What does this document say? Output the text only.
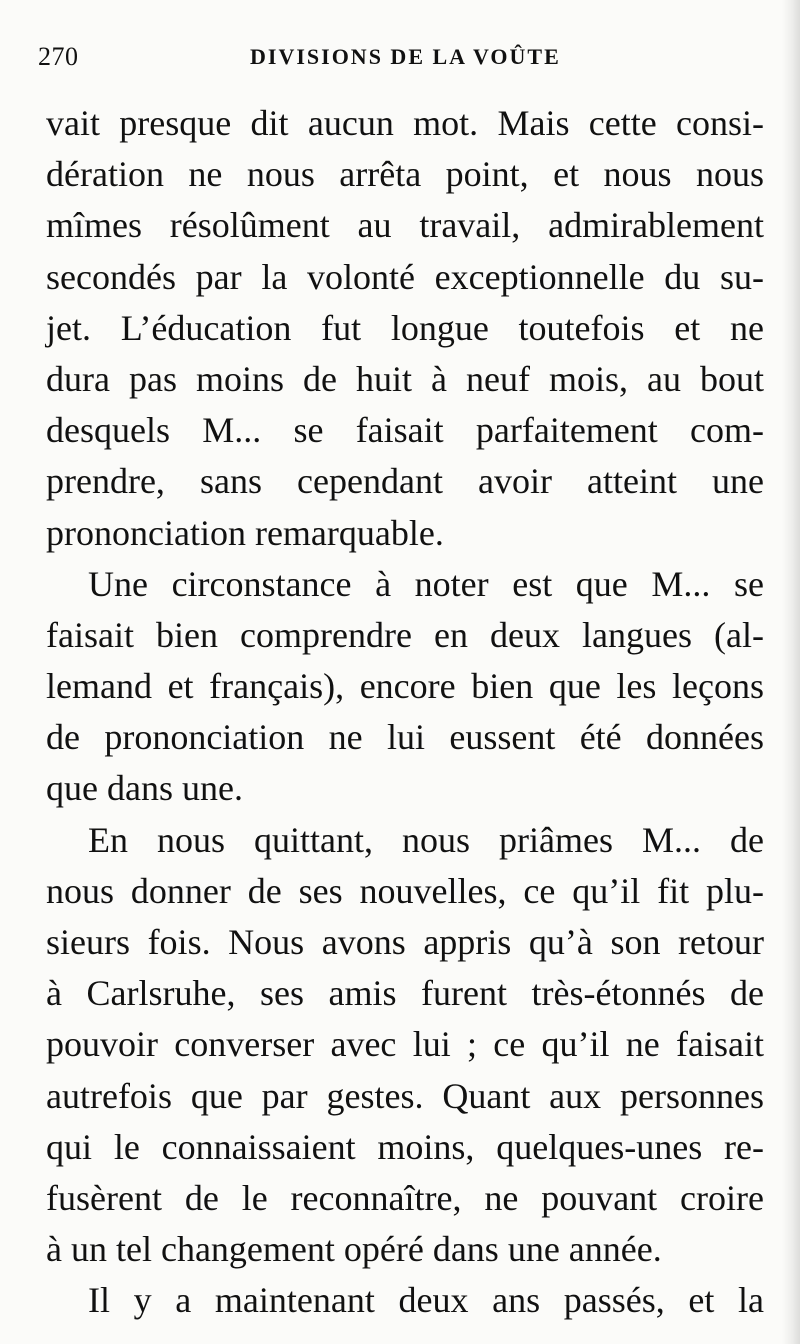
270	DIVISIONS DE LA VOÛTE
vait presque dit aucun mot. Mais cette consi-
dération ne nous arrêta point, et nous nous
mîmes résolûment au travail, admirablement
secondés par la volonté exceptionnelle du su-
jet. L’éducation fut longue toutefois et ne
dura pas moins de huit à neuf mois, au bout
desquels M... se faisait parfaitement com-
prendre, sans cependant avoir atteint une
prononciation remarquable.
Une circonstance à noter est que M... se
faisait bien comprendre en deux langues (al-
lemand et français), encore bien que les leçons
de prononciation ne lui eussent été données
que dans une.
En nous quittant, nous priâmes M... de
nous donner de ses nouvelles, ce qu’il fit plu-
sieurs fois. Nous avons appris qu’à son retour
à Carlsruhe, ses amis furent très-étonnés de
pouvoir converser avec lui ; ce qu’il ne faisait
autrefois que par gestes. Quant aux personnes
qui le connaissaient moins, quelques-unes re-
fusèrent de le reconnaître, ne pouvant croire
à un tel changement opéré dans une année.
Il y a maintenant deux ans passés, et la
